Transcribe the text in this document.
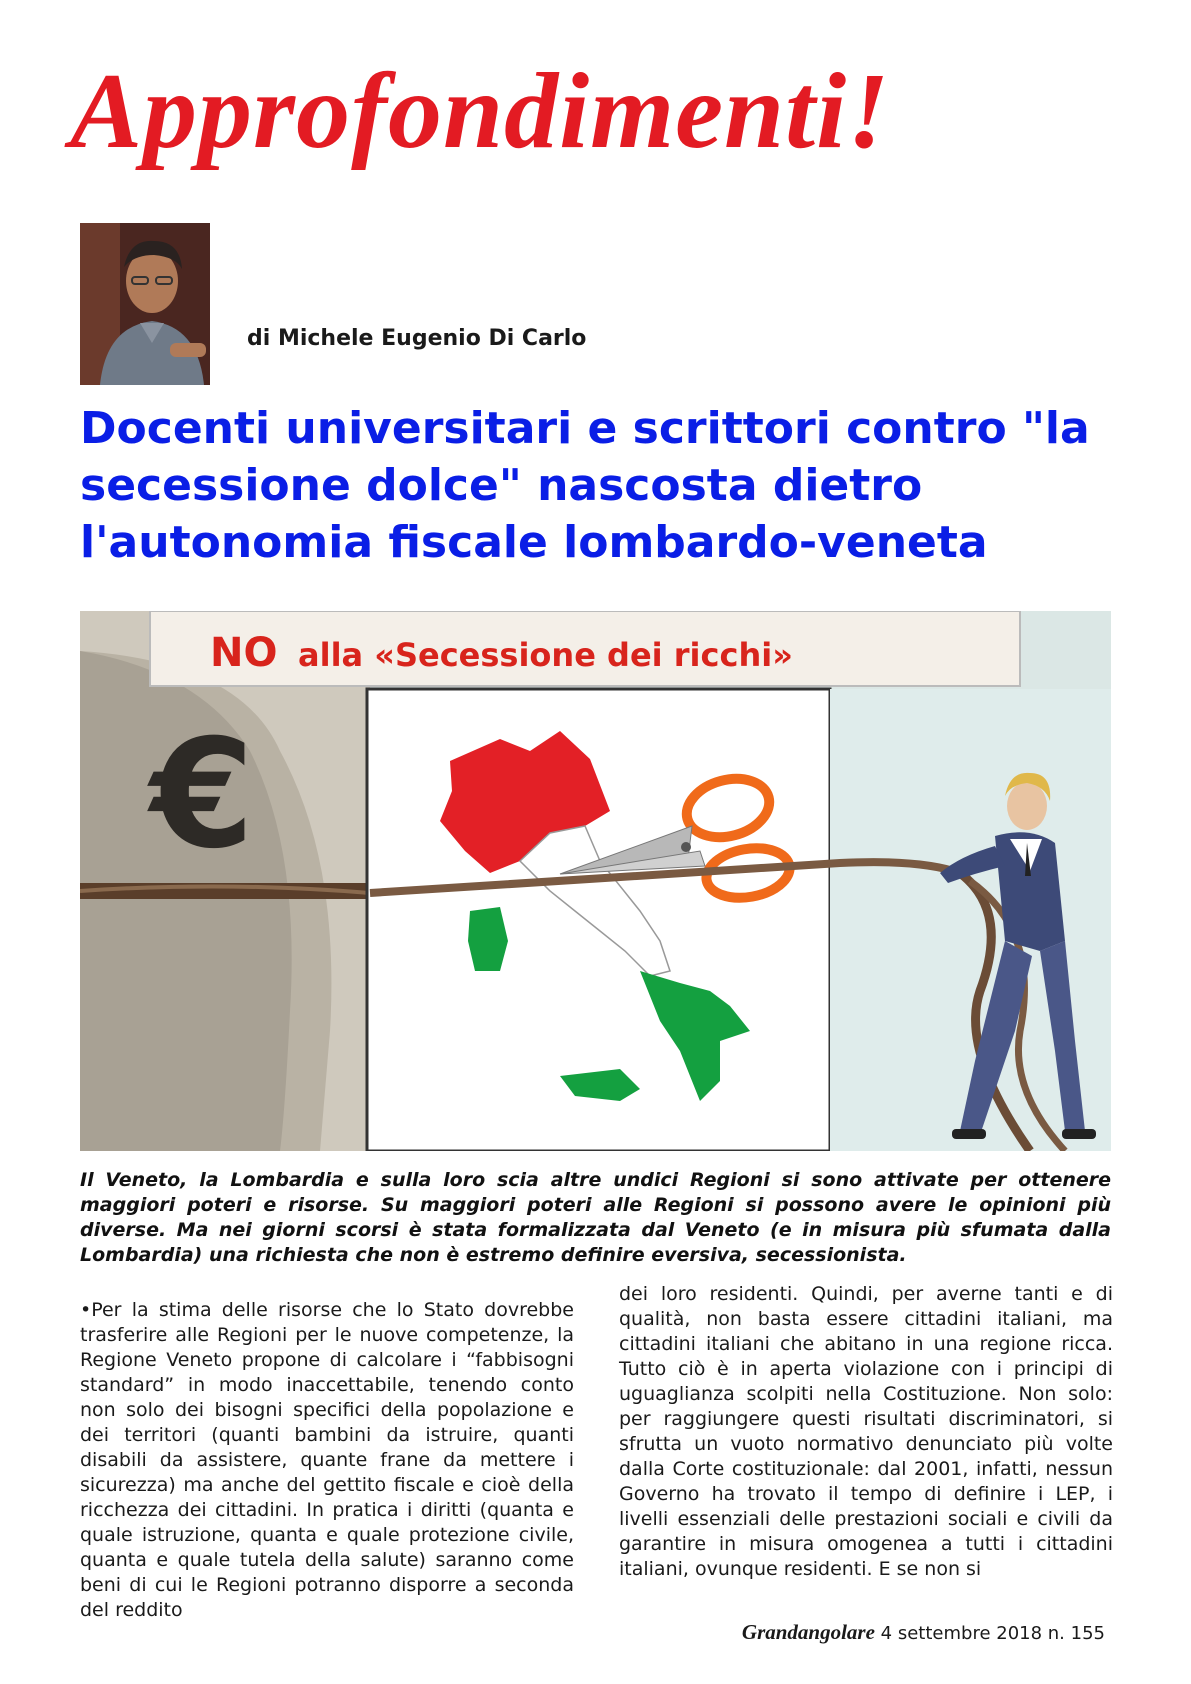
Approfondimenti!
di Michele Eugenio Di Carlo
Docenti universitari e scrittori contro "la secessione dolce" nascosta dietro l'autonomia fiscale lombardo-veneta
€
NO alla «Secessione dei ricchi»

Il Veneto, la Lombardia e sulla loro scia altre undici Regioni si sono attivate per ottenere maggiori poteri e risorse. Su maggiori poteri alle Regioni si possono avere le opinioni più diverse. Ma nei giorni scorsi è stata formalizzata dal Veneto (e in misura più sfumata dalla Lombardia) una richiesta che non è estremo definire eversiva, secessionista.

•Per la stima delle risorse che lo Stato dovrebbe trasferire alle Regioni per le nuove competenze, la Regione Veneto propone di calcolare i “fabbisogni standard” in modo inaccettabile, tenendo conto non solo dei bisogni specifici della popolazione e dei territori (quanti bambini da istruire, quanti disabili da assistere, quante frane da mettere i sicurezza) ma anche del gettito fiscale e cioè della ricchezza dei cittadini. In pratica i diritti (quanta e quale istruzione, quanta e quale protezione civile, quanta e quale tutela della salute) saranno come beni di cui le Regioni potranno disporre a seconda del reddito

dei loro residenti. Quindi, per averne tanti e di qualità, non basta essere cittadini italiani, ma cittadini italiani che abitano in una regione ricca. Tutto ciò è in aperta violazione con i principi di uguaglianza scolpiti nella Costituzione. Non solo: per raggiungere questi risultati discriminatori, si sfrutta un vuoto normativo denunciato più volte dalla Corte costituzionale: dal 2001, infatti, nessun Governo ha trovato il tempo di definire i LEP, i livelli essenziali delle prestazioni sociali e civili da garantire in misura omogenea a tutti i cittadini italiani, ovunque residenti. E se non si

Grandangolare 4 settembre 2018 n. 155
